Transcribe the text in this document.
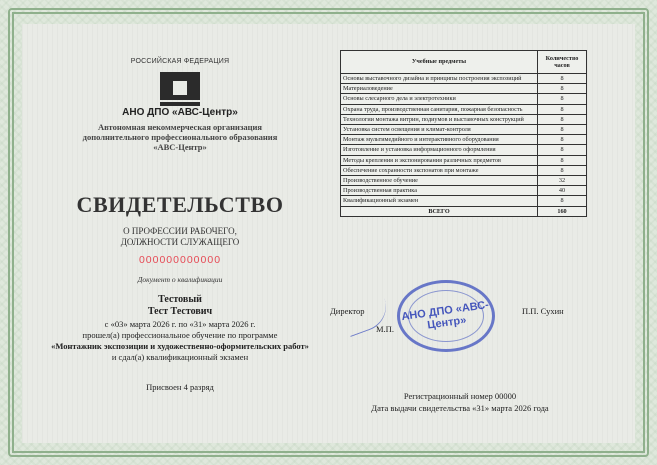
РОССИЙСКАЯ ФЕДЕРАЦИЯ
АНО ДПО «АВС-Центр»
Автономная некоммерческая организация
дополнительного профессионального образования
«АВС-Центр»
СВИДЕТЕЛЬСТВО
О ПРОФЕССИИ РАБОЧЕГО,
ДОЛЖНОСТИ СЛУЖАЩЕГО
000000000000
Документ о квалификации
Тестовый
Тест Тестович
с «03» марта 2026 г. по «31» марта 2026 г.
прошел(а) профессиональное обучение по программе
«Монтажник экспозиции и художественно-оформительских работ»
и сдал(а) квалификационный экзамен
Присвоен 4 разряд
Учебные предметы	Количество часов
Основы выставочного дизайна и принципы построения экспозиций	8
Материаловедение	8
Основы слесарного дела и электротехники	8
Охрана труда, производственная санитария, пожарная безопасность	8
Технологии монтажа витрин, подиумов и выставочных конструкций	8
Установка систем освещения и климат-контроля	8
Монтаж мультимедийного и интерактивного оборудования	8
Изготовление и установка информационного оформления	8
Методы крепления и экспонирования различных предметов	8
Обеспечение сохранности экспонатов при монтаже	8
Производственное обучение	32
Производственная практика	40
Квалификационный экзамен	8
ВСЕГО	160
Директор
М.П.
АНО ДПО «АВС-Центр»
П.П. Сухин
Регистрационный номер 00000
Дата выдачи свидетельства «31» марта 2026 года
